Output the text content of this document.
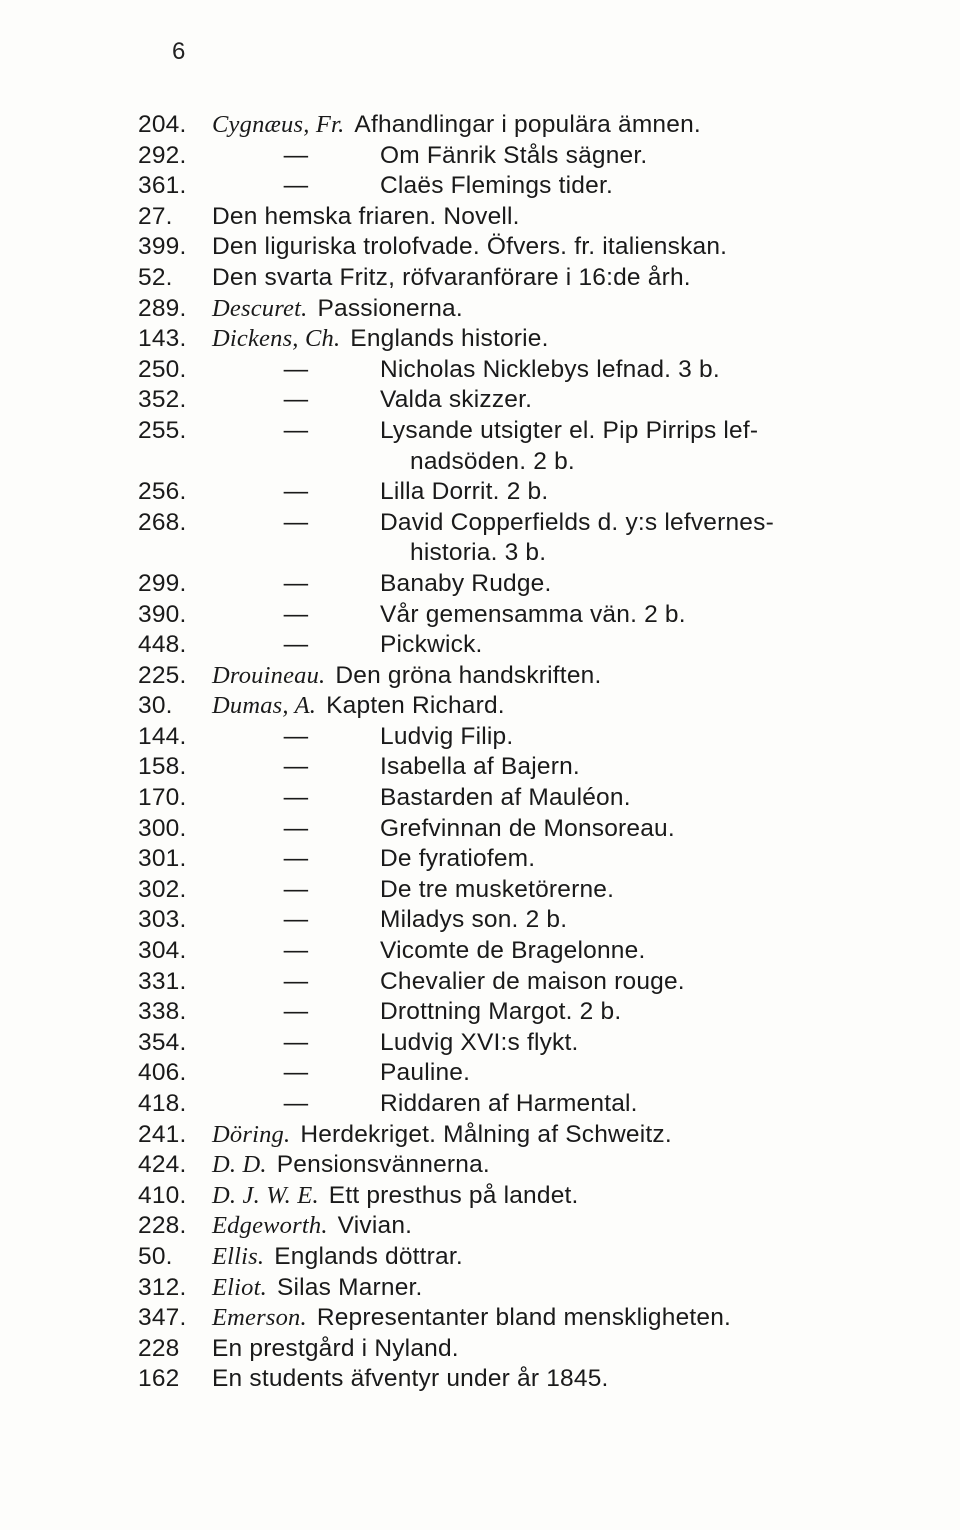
6
204.	Cygnæus, Fr. Afhandlingar i populära ämnen.
292.	—	Om Fänrik Ståls sägner.
361.	—	Claës Flemings tider.
27.	Den hemska friaren. Novell.
399.	Den liguriska trolofvade. Öfvers. fr. italienskan.
52.	Den svarta Fritz, röfvaranförare i 16:de årh.
289.	Descuret. Passionerna.
143.	Dickens, Ch. Englands historie.
250.	—	Nicholas Nicklebys lefnad. 3 b.
352.	—	Valda skizzer.
255.	—	Lysande utsigter el. Pip Pirrips lef-
nadsöden. 2 b.
256.	—	Lilla Dorrit. 2 b.
268.	—	David Copperfields d. y:s lefvernes-
historia. 3 b.
299.	—	Banaby Rudge.
390.	—	Vår gemensamma vän. 2 b.
448.	—	Pickwick.
225.	Drouineau. Den gröna handskriften.
30.	Dumas, A. Kapten Richard.
144.	—	Ludvig Filip.
158.	—	Isabella af Bajern.
170.	—	Bastarden af Mauléon.
300.	—	Grefvinnan de Monsoreau.
301.	—	De fyratiofem.
302.	—	De tre musketörerne.
303.	—	Miladys son. 2 b.
304.	—	Vicomte de Bragelonne.
331.	—	Chevalier de maison rouge.
338.	—	Drottning Margot. 2 b.
354.	—	Ludvig XVI:s flykt.
406.	—	Pauline.
418.	—	Riddaren af Harmental.
241.	Döring. Herdekriget. Målning af Schweitz.
424.	D. D. Pensionsvännerna.
410.	D. J. W. E. Ett presthus på landet.
228.	Edgeworth. Vivian.
50.	Ellis. Englands döttrar.
312.	Eliot. Silas Marner.
347.	Emerson. Representanter bland menskligheten.
228	En prestgård i Nyland.
162	En students äfventyr under år 1845.
